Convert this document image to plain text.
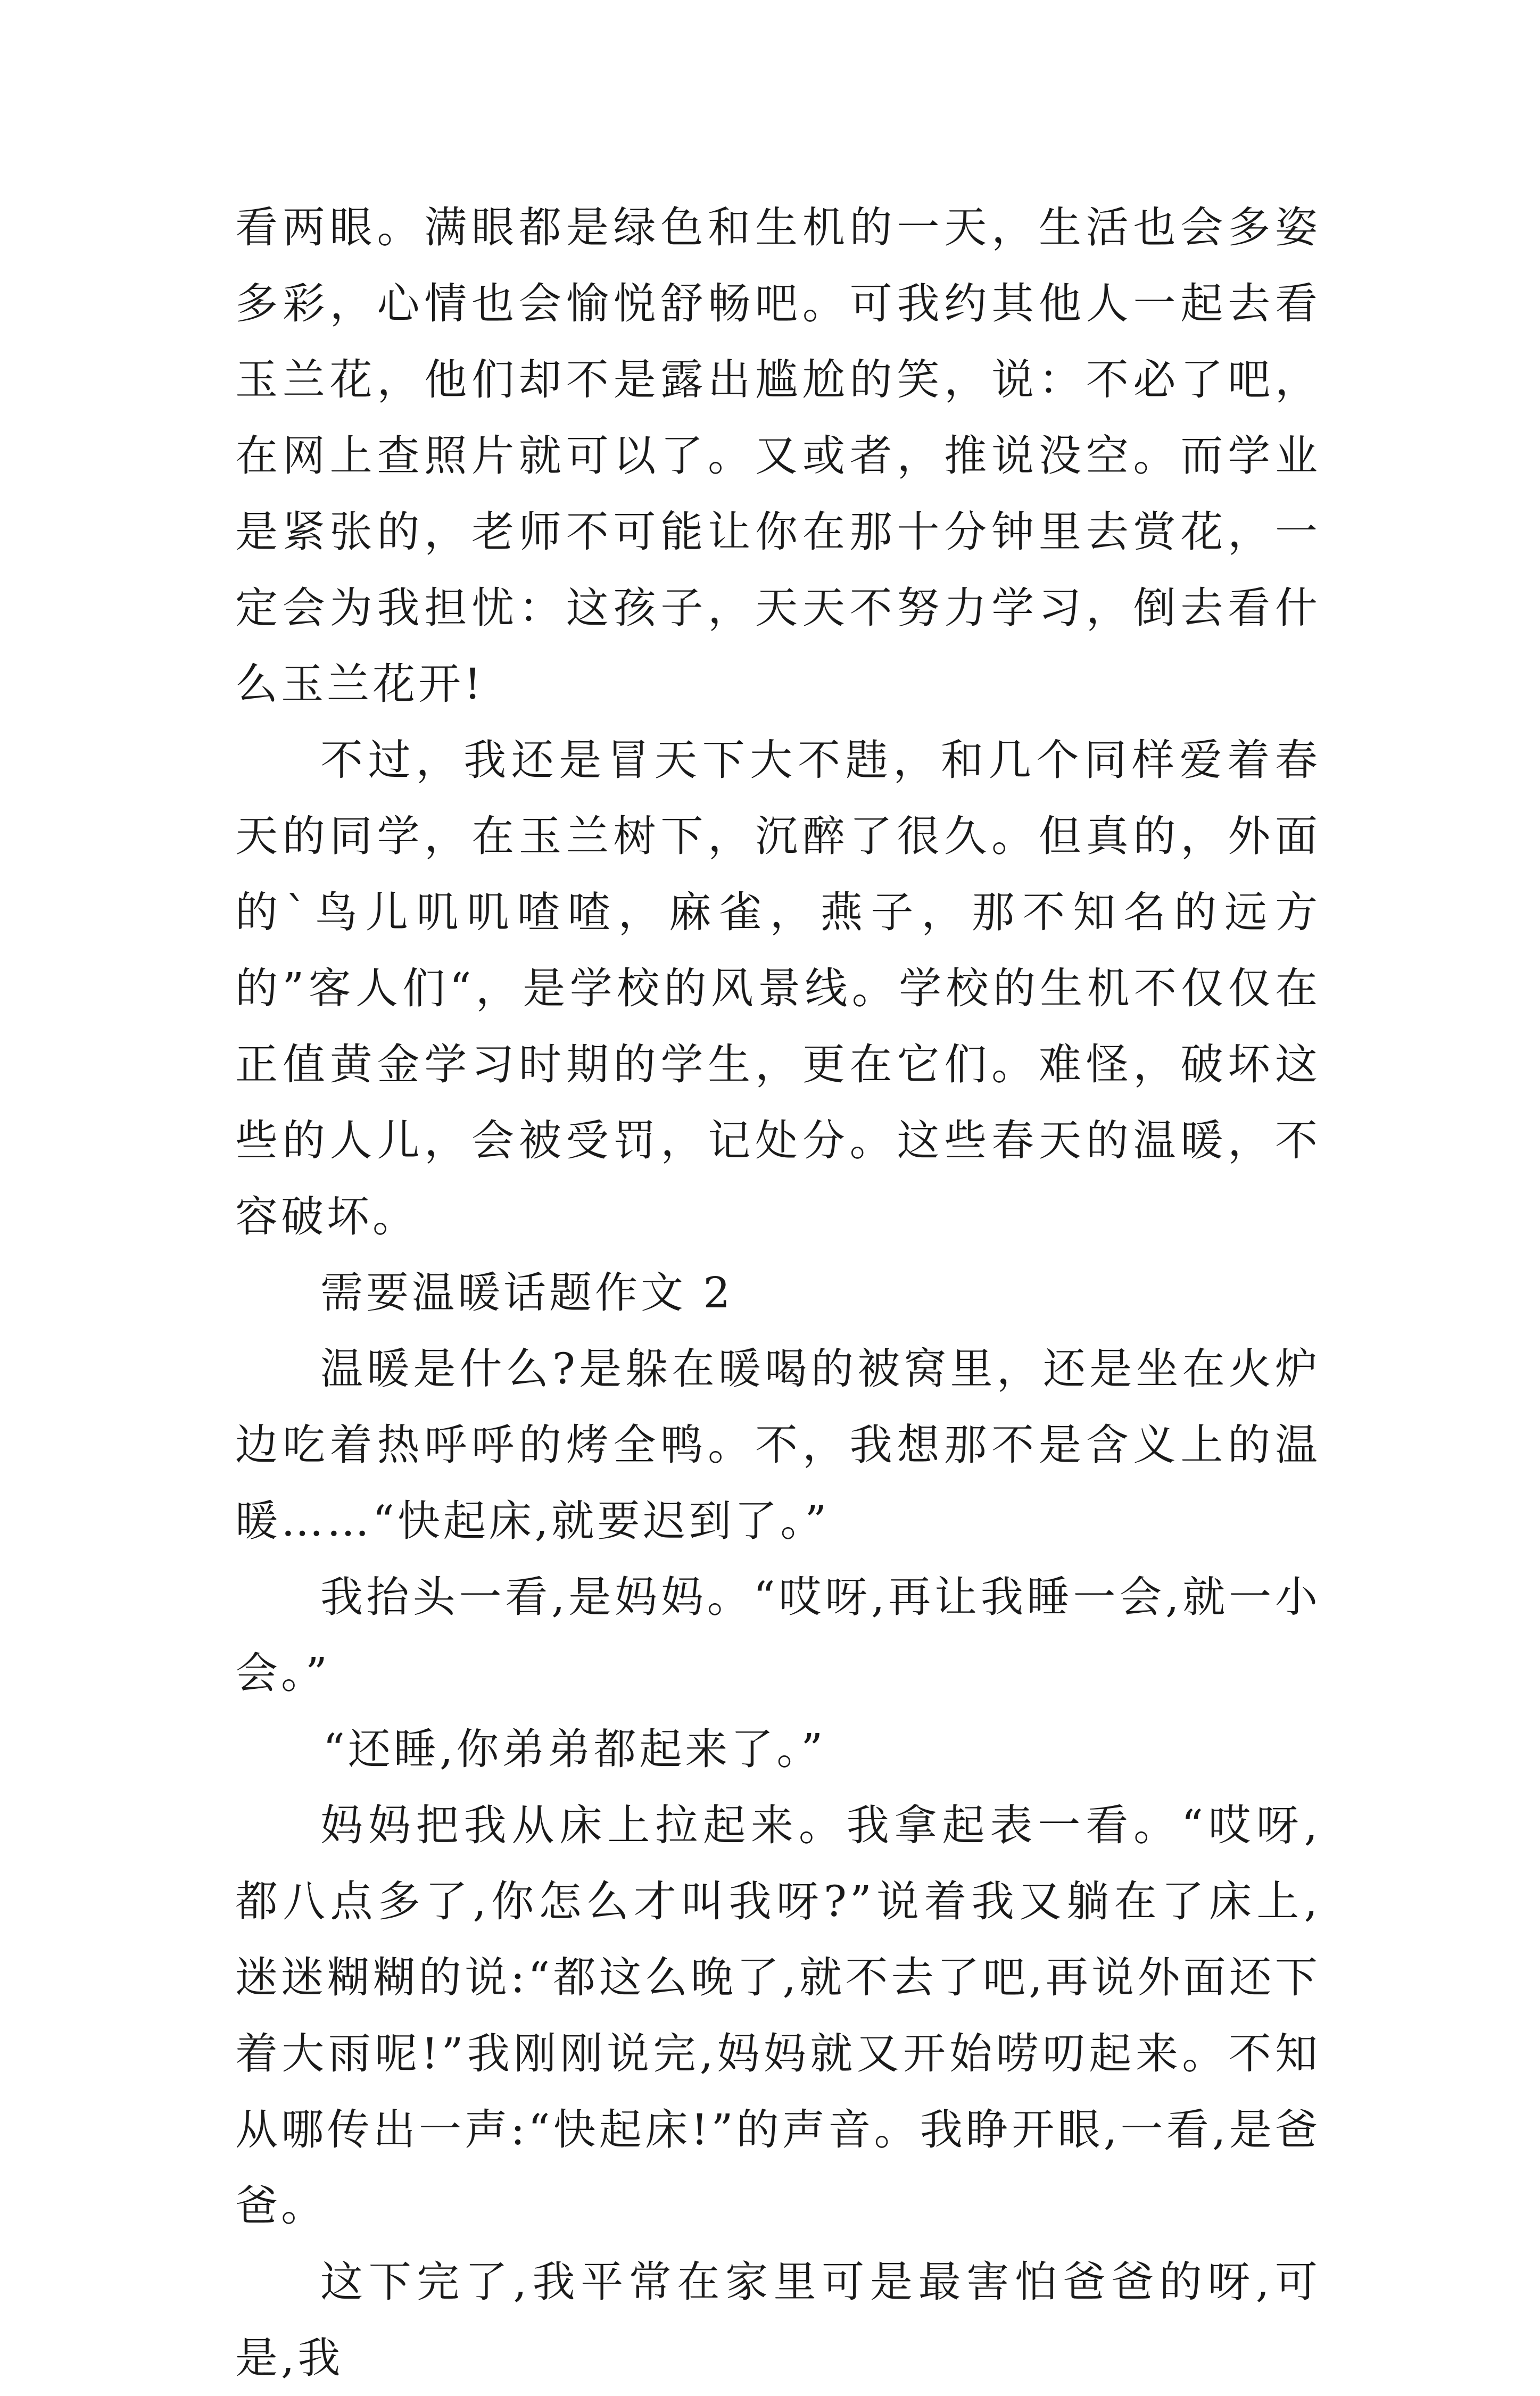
看两眼。满眼都是绿色和生机的一天，生活也会多姿多彩，心情也会愉悦舒畅吧。可我约其他人一起去看玉兰花，他们却不是露出尴尬的笑，说：不必了吧，在网上查照片就可以了。又或者，推说没空。而学业是紧张的，老师不可能让你在那十分钟里去赏花，一定会为我担忧：这孩子，天天不努力学习，倒去看什么玉兰花开!

不过，我还是冒天下大不韪，和几个同样爱着春天的同学，在玉兰树下，沉醉了很久。但真的，外面的`鸟儿叽叽喳喳，麻雀，燕子，那不知名的远方的”客人们“，是学校的风景线。学校的生机不仅仅在正值黄金学习时期的学生，更在它们。难怪，破坏这些的人儿，会被受罚，记处分。这些春天的温暖，不容破坏。

需要温暖话题作文 2

温暖是什么?是躲在暖喝的被窝里，还是坐在火炉边吃着热呼呼的烤全鸭。不，我想那不是含义上的温暖……“快起床,就要迟到了。”

我抬头一看,是妈妈。“哎呀,再让我睡一会,就一小会。”

“还睡,你弟弟都起来了。”

妈妈把我从床上拉起来。我拿起表一看。“哎呀,都八点多了,你怎么才叫我呀?”说着我又躺在了床上,迷迷糊糊的说:“都这么晚了,就不去了吧,再说外面还下着大雨呢!”我刚刚说完,妈妈就又开始唠叨起来。不知从哪传出一声:“快起床!”的声音。我睁开眼,一看,是爸爸。

这下完了,我平常在家里可是最害怕爸爸的呀,可是,我
